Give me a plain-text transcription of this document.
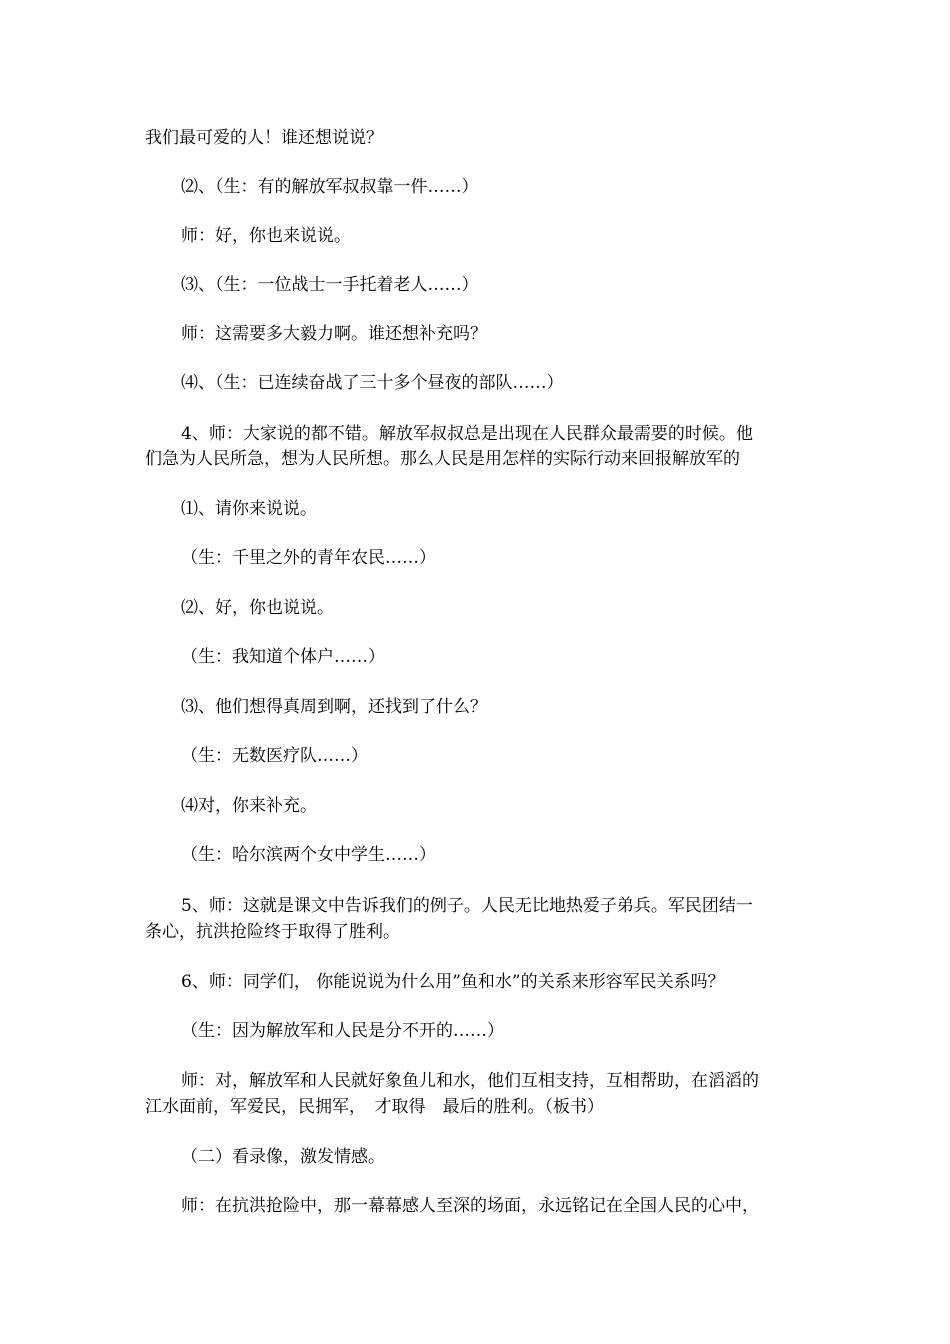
我们最可爱的人！谁还想说说？

⑵、（生：有的解放军叔叔靠一件……）

师：好，你也来说说。

⑶、（生：一位战士一手托着老人……）

师：这需要多大毅力啊。谁还想补充吗？

⑷、（生：已连续奋战了三十多个昼夜的部队……）

4、师：大家说的都不错。解放军叔叔总是出现在人民群众最需要的时候。他

们急为人民所急，想为人民所想。那么人民是用怎样的实际行动来回报解放军的

⑴、请你来说说。

（生：千里之外的青年农民……）

⑵、好，你也说说。

（生：我知道个体户……）

⑶、他们想得真周到啊，还找到了什么？

（生：无数医疗队……）

⑷对，你来补充。

（生：哈尔滨两个女中学生……）

5、师：这就是课文中告诉我们的例子。人民无比地热爱子弟兵。军民团结一

条心，抗洪抢险终于取得了胜利。

6、师：同学们， 你能说说为什么用”鱼和水”的关系来形容军民关系吗？

（生：因为解放军和人民是分不开的……）

师：对，解放军和人民就好象鱼儿和水，他们互相支持，互相帮助，在滔滔的

江水面前，军爱民，民拥军，　才取得　最后的胜利。（板书）

（二）看录像，激发情感。

师：在抗洪抢险中，那一幕幕感人至深的场面，永远铭记在全国人民的心中，
